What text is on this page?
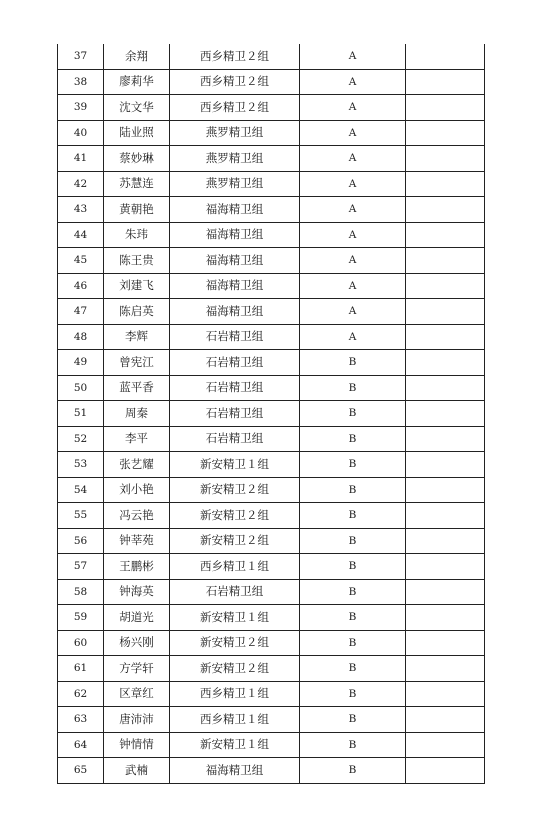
37	余翔	西乡精卫２组	A	
38	廖莉华	西乡精卫２组	A	
39	沈文华	西乡精卫２组	A	
40	陆业照	燕罗精卫组	A	
41	蔡妙琳	燕罗精卫组	A	
42	苏慧连	燕罗精卫组	A	
43	黄朝艳	福海精卫组	A	
44	朱玮	福海精卫组	A	
45	陈王贵	福海精卫组	A	
46	刘建飞	福海精卫组	A	
47	陈启英	福海精卫组	A	
48	李辉	石岩精卫组	A	
49	曾宪江	石岩精卫组	B	
50	蓝平香	石岩精卫组	B	
51	周秦	石岩精卫组	B	
52	李平	石岩精卫组	B	
53	张艺耀	新安精卫１组	B	
54	刘小艳	新安精卫２组	B	
55	冯云艳	新安精卫２组	B	
56	钟莘苑	新安精卫２组	B	
57	王鹏彬	西乡精卫１组	B	
58	钟海英	石岩精卫组	B	
59	胡道光	新安精卫１组	B	
60	杨兴刚	新安精卫２组	B	
61	方学轩	新安精卫２组	B	
62	区章红	西乡精卫１组	B	
63	唐沛沛	西乡精卫１组	B	
64	钟情情	新安精卫１组	B	
65	武楠	福海精卫组	B	
